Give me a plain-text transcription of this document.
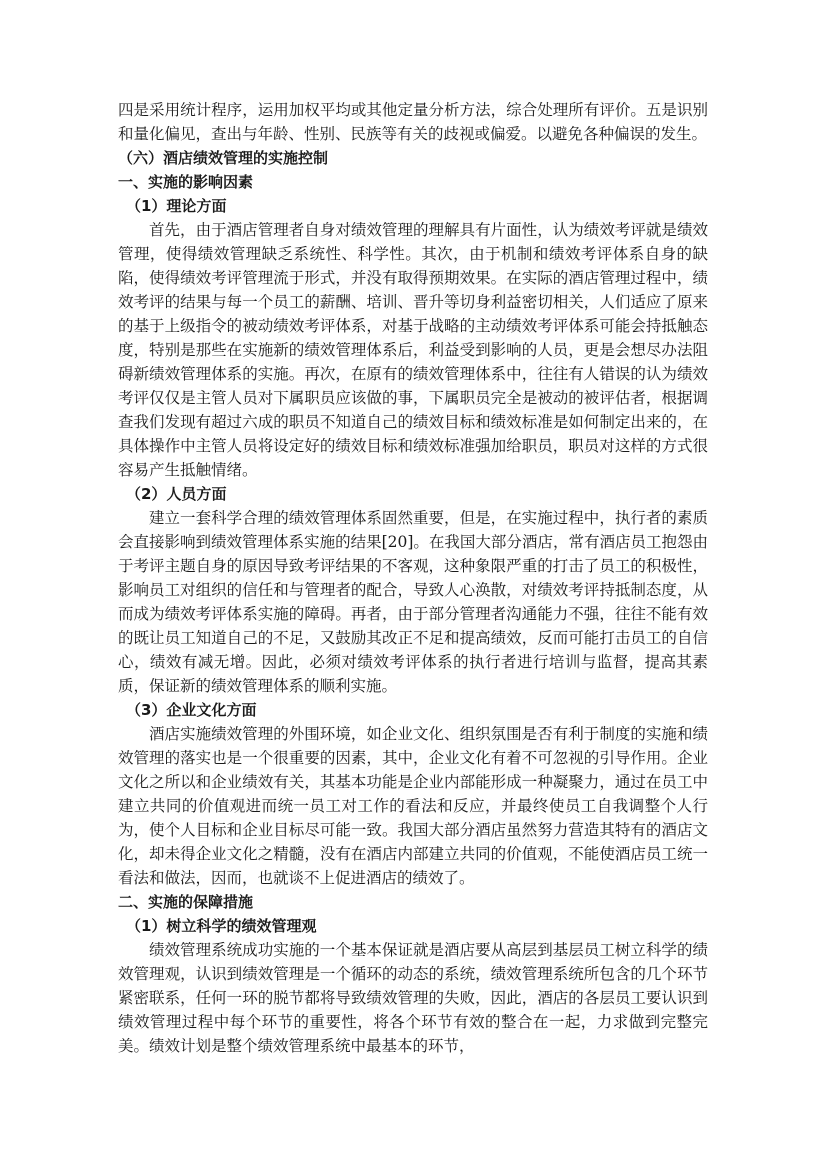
四是采用统计程序，运用加权平均或其他定量分析方法，综合处理所有评价。五是识别和量化偏见，查出与年龄、性别、民族等有关的歧视或偏爱。以避免各种偏误的发生。

（六）酒店绩效管理的实施控制

一、实施的影响因素

（1）理论方面

首先，由于酒店管理者自身对绩效管理的理解具有片面性，认为绩效考评就是绩效管理，使得绩效管理缺乏系统性、科学性。其次，由于机制和绩效考评体系自身的缺陷，使得绩效考评管理流于形式，并没有取得预期效果。在实际的酒店管理过程中，绩效考评的结果与每一个员工的薪酬、培训、晋升等切身利益密切相关，人们适应了原来的基于上级指令的被动绩效考评体系，对基于战略的主动绩效考评体系可能会持抵触态度，特别是那些在实施新的绩效管理体系后，利益受到影响的人员，更是会想尽办法阻碍新绩效管理体系的实施。再次，在原有的绩效管理体系中，往往有人错误的认为绩效考评仅仅是主管人员对下属职员应该做的事，下属职员完全是被动的被评估者，根据调查我们发现有超过六成的职员不知道自己的绩效目标和绩效标准是如何制定出来的，在具体操作中主管人员将设定好的绩效目标和绩效标准强加给职员，职员对这样的方式很容易产生抵触情绪。

（2）人员方面

建立一套科学合理的绩效管理体系固然重要，但是，在实施过程中，执行者的素质会直接影响到绩效管理体系实施的结果[20]。在我国大部分酒店，常有酒店员工抱怨由于考评主题自身的原因导致考评结果的不客观，这种象限严重的打击了员工的积极性，影响员工对组织的信任和与管理者的配合，导致人心涣散，对绩效考评持抵制态度，从而成为绩效考评体系实施的障碍。再者，由于部分管理者沟通能力不强，往往不能有效的既让员工知道自己的不足，又鼓励其改正不足和提高绩效，反而可能打击员工的自信心，绩效有减无增。因此，必须对绩效考评体系的执行者进行培训与监督，提高其素质，保证新的绩效管理体系的顺利实施。

（3）企业文化方面

酒店实施绩效管理的外围环境，如企业文化、组织氛围是否有利于制度的实施和绩效管理的落实也是一个很重要的因素，其中，企业文化有着不可忽视的引导作用。企业文化之所以和企业绩效有关，其基本功能是企业内部能形成一种凝聚力，通过在员工中建立共同的价值观进而统一员工对工作的看法和反应，并最终使员工自我调整个人行为，使个人目标和企业目标尽可能一致。我国大部分酒店虽然努力营造其特有的酒店文化，却未得企业文化之精髓，没有在酒店内部建立共同的价值观，不能使酒店员工统一看法和做法，因而，也就谈不上促进酒店的绩效了。

二、实施的保障措施

（1）树立科学的绩效管理观

绩效管理系统成功实施的一个基本保证就是酒店要从高层到基层员工树立科学的绩效管理观，认识到绩效管理是一个循环的动态的系统，绩效管理系统所包含的几个环节紧密联系，任何一环的脱节都将导致绩效管理的失败，因此，酒店的各层员工要认识到绩效管理过程中每个环节的重要性，将各个环节有效的整合在一起，力求做到完整完美。绩效计划是整个绩效管理系统中最基本的环节，
